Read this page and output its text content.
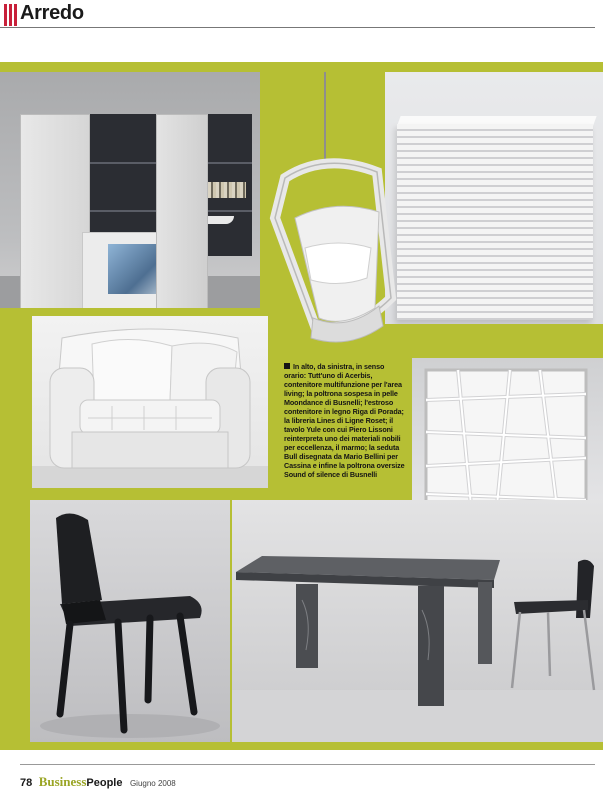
Arredo
In alto, da sinistra, in senso
orario: Tutt'uno di Acerbis,
contenitore multifunzione per l'area
living; la poltrona sospesa in pelle
Moondance di Busnelli; l'estroso
contenitore in legno Riga di Porada;
la libreria Lines di Ligne Roset; il
tavolo Yule con cui Piero Lissoni
reinterpreta uno dei materiali nobili
per eccellenza, il marmo; la seduta
Bull disegnata da Mario Bellini per
Cassina e infine la poltrona oversize
Sound of silence di Busnelli
78 BusinessPeople Giugno 2008
